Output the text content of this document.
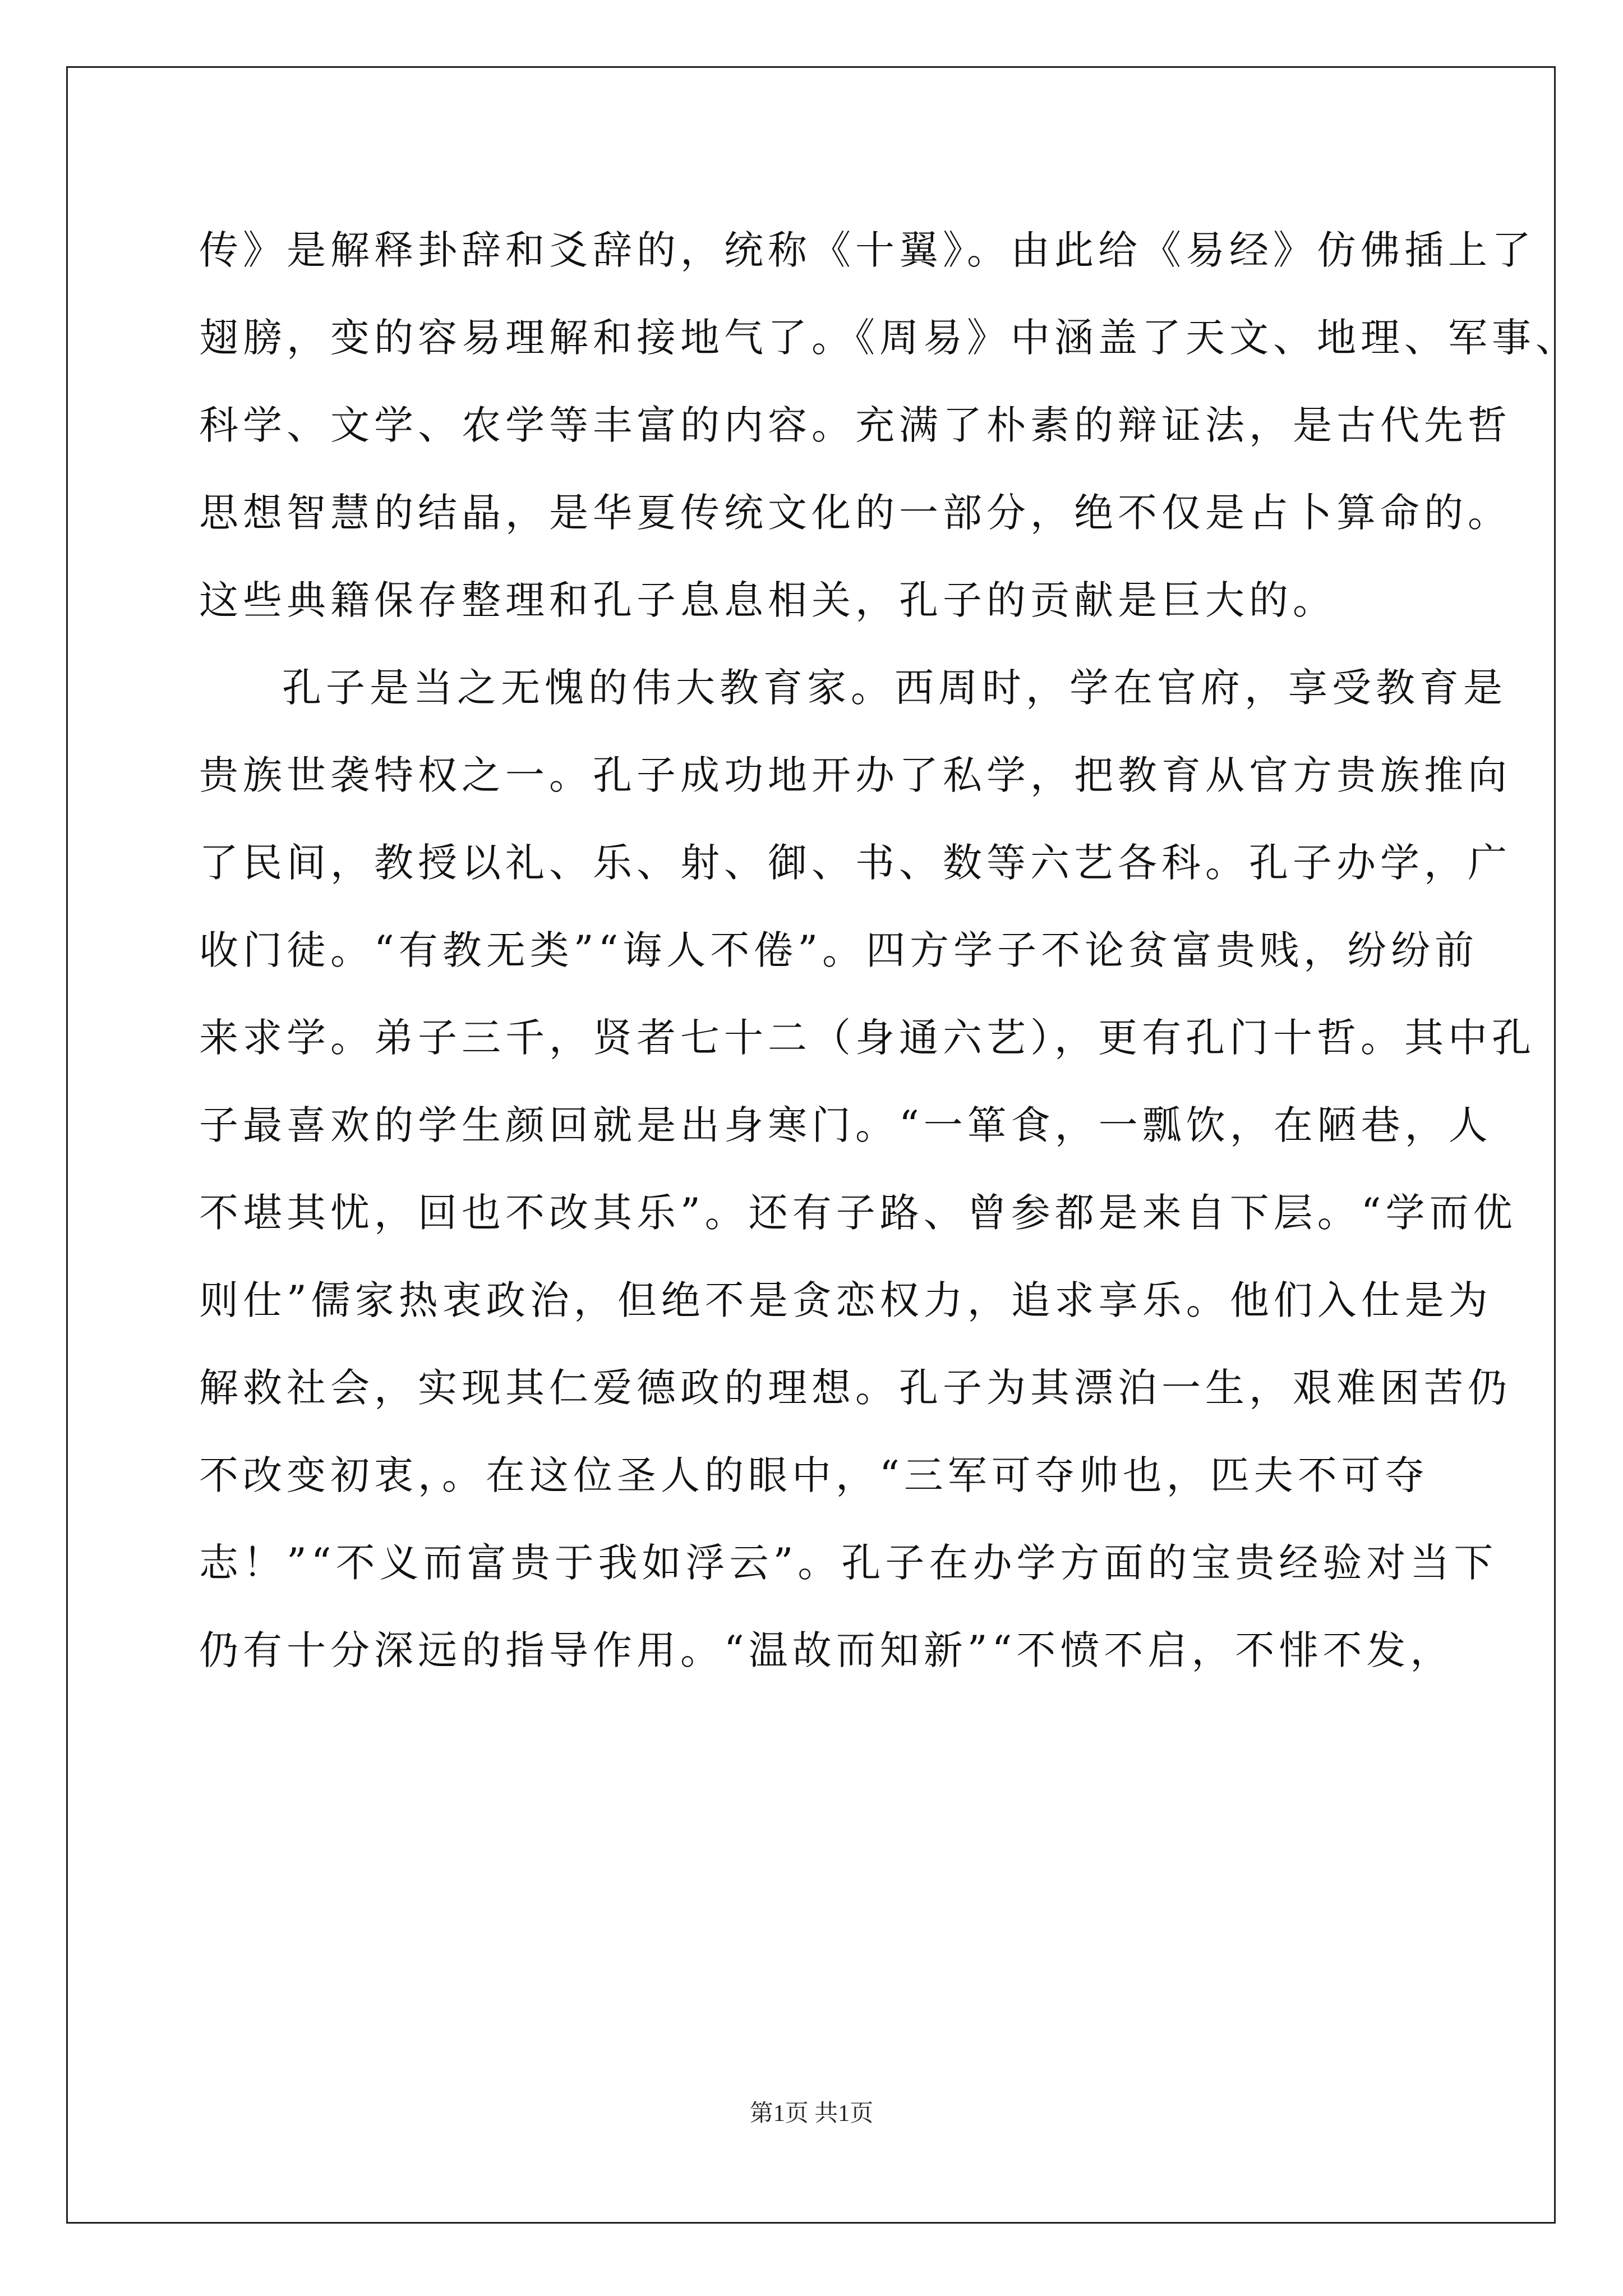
传》是解释卦辞和爻辞的，统称《十翼》。由此给《易经》仿佛插上了
翅膀，变的容易理解和接地气了。《周易》中涵盖了天文、地理、军事、
科学、文学、农学等丰富的内容。充满了朴素的辩证法，是古代先哲
思想智慧的结晶，是华夏传统文化的一部分，绝不仅是占卜算命的。
这些典籍保存整理和孔子息息相关，孔子的贡献是巨大的。
孔子是当之无愧的伟大教育家。西周时，学在官府，享受教育是
贵族世袭特权之一。孔子成功地开办了私学，把教育从官方贵族推向
了民间，教授以礼、乐、射、御、书、数等六艺各科。孔子办学，广
收门徒。“有教无类”“诲人不倦”。四方学子不论贫富贵贱，纷纷前
来求学。弟子三千，贤者七十二（身通六艺），更有孔门十哲。其中孔
子最喜欢的学生颜回就是出身寒门。“一箪食，一瓢饮，在陋巷，人
不堪其忧，回也不改其乐”。还有子路、曾参都是来自下层。“学而优
则仕”儒家热衷政治，但绝不是贪恋权力，追求享乐。他们入仕是为
解救社会，实现其仁爱德政的理想。孔子为其漂泊一生，艰难困苦仍
不改变初衷，。在这位圣人的眼中，“三军可夺帅也，匹夫不可夺
志！”“不义而富贵于我如浮云”。孔子在办学方面的宝贵经验对当下
仍有十分深远的指导作用。“温故而知新”“不愤不启，不悱不发，
第1页 共1页
